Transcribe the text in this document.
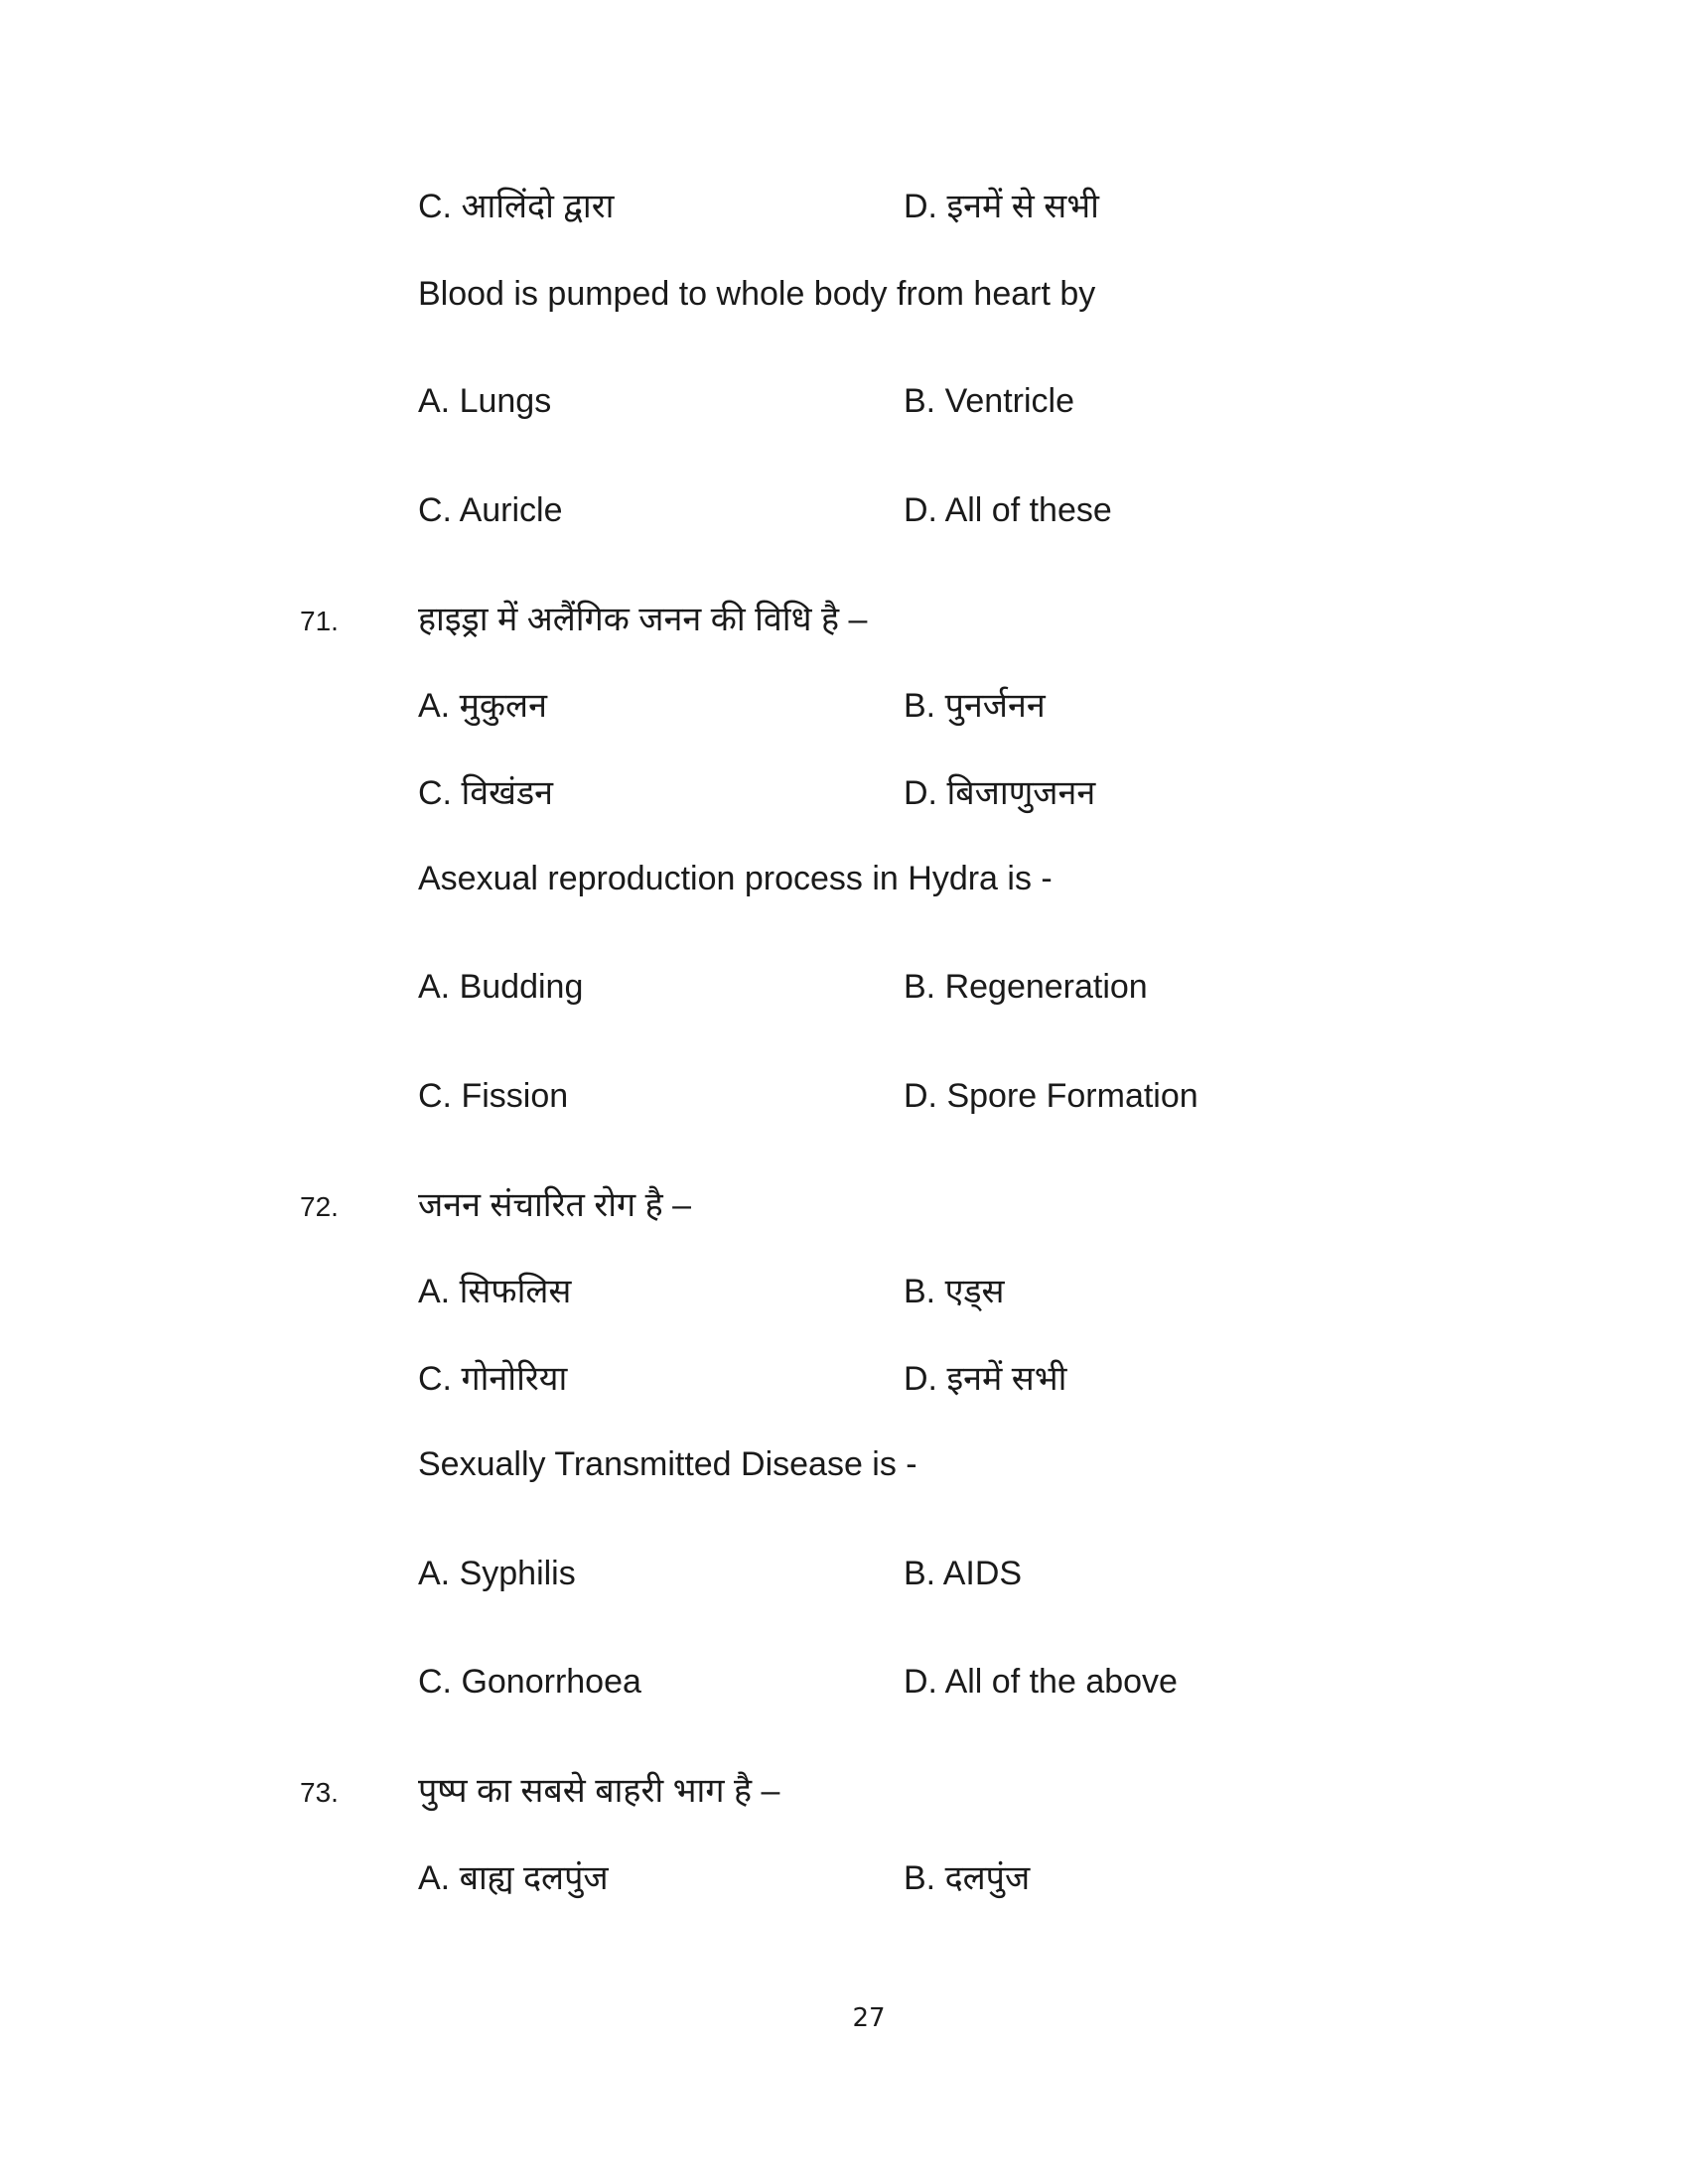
C. आलिंदो द्वारा	D. इनमें से सभी
Blood is pumped to whole body from heart by
A. Lungs	B. Ventricle
C. Auricle	D. All of these
71. हाइड्रा में अलैंगिक जनन की विधि है –
A. मुकुलन	B. पुनर्जनन
C. विखंडन	D. बिजाणुजनन
Asexual reproduction process in Hydra is -
A. Budding	B. Regeneration
C. Fission	D. Spore Formation
72. जनन संचारित रोग है –
A. सिफलिस	B. एड्स
C. गोनोरिया	D. इनमें सभी
Sexually Transmitted Disease is -
A. Syphilis	B. AIDS
C. Gonorrhoea	D. All of the above
73. पुष्प का सबसे बाहरी भाग है –
A. बाह्य दलपुंज	B. दलपुंज
27
